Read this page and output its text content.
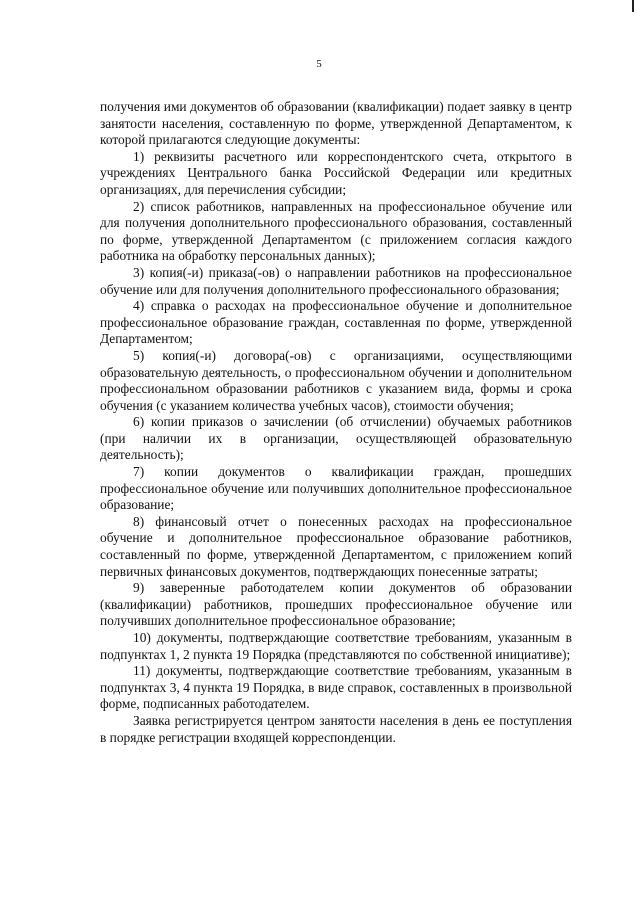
5

получения ими документов об образовании (квалификации) подает заявку в центр занятости населения, составленную по форме, утвержденной Департаментом, к которой прилагаются следующие документы:

1) реквизиты расчетного или корреспондентского счета, открытого в учреждениях Центрального банка Российской Федерации или кредитных организациях, для перечисления субсидии;

2) список работников, направленных на профессиональное обучение или для получения дополнительного профессионального образования, составленный по форме, утвержденной Департаментом (с приложением согласия каждого работника на обработку персональных данных);

3) копия(-и) приказа(-ов) о направлении работников на профессиональное обучение или для получения дополнительного профессионального образования;

4) справка о расходах на профессиональное обучение и дополнительное профессиональное образование граждан, составленная по форме, утвержденной Департаментом;

5) копия(-и) договора(-ов) с организациями, осуществляющими образовательную деятельность, о профессиональном обучении и дополнительном профессиональном образовании работников с указанием вида, формы и срока обучения (с указанием количества учебных часов), стоимости обучения;

6) копии приказов о зачислении (об отчислении) обучаемых работников (при наличии их в организации, осуществляющей образовательную деятельность);

7) копии документов о квалификации граждан, прошедших профессиональное обучение или получивших дополнительное профессиональное образование;

8) финансовый отчет о понесенных расходах на профессиональное обучение и дополнительное профессиональное образование работников, составленный по форме, утвержденной Департаментом, с приложением копий первичных финансовых документов, подтверждающих понесенные затраты;

9) заверенные работодателем копии документов об образовании (квалификации) работников, прошедших профессиональное обучение или получивших дополнительное профессиональное образование;

10) документы, подтверждающие соответствие требованиям, указанным в подпунктах 1, 2 пункта 19 Порядка (представляются по собственной инициативе);

11) документы, подтверждающие соответствие требованиям, указанным в подпунктах 3, 4 пункта 19 Порядка, в виде справок, составленных в произвольной форме, подписанных работодателем.

Заявка регистрируется центром занятости населения в день ее поступления в порядке регистрации входящей корреспонденции.
